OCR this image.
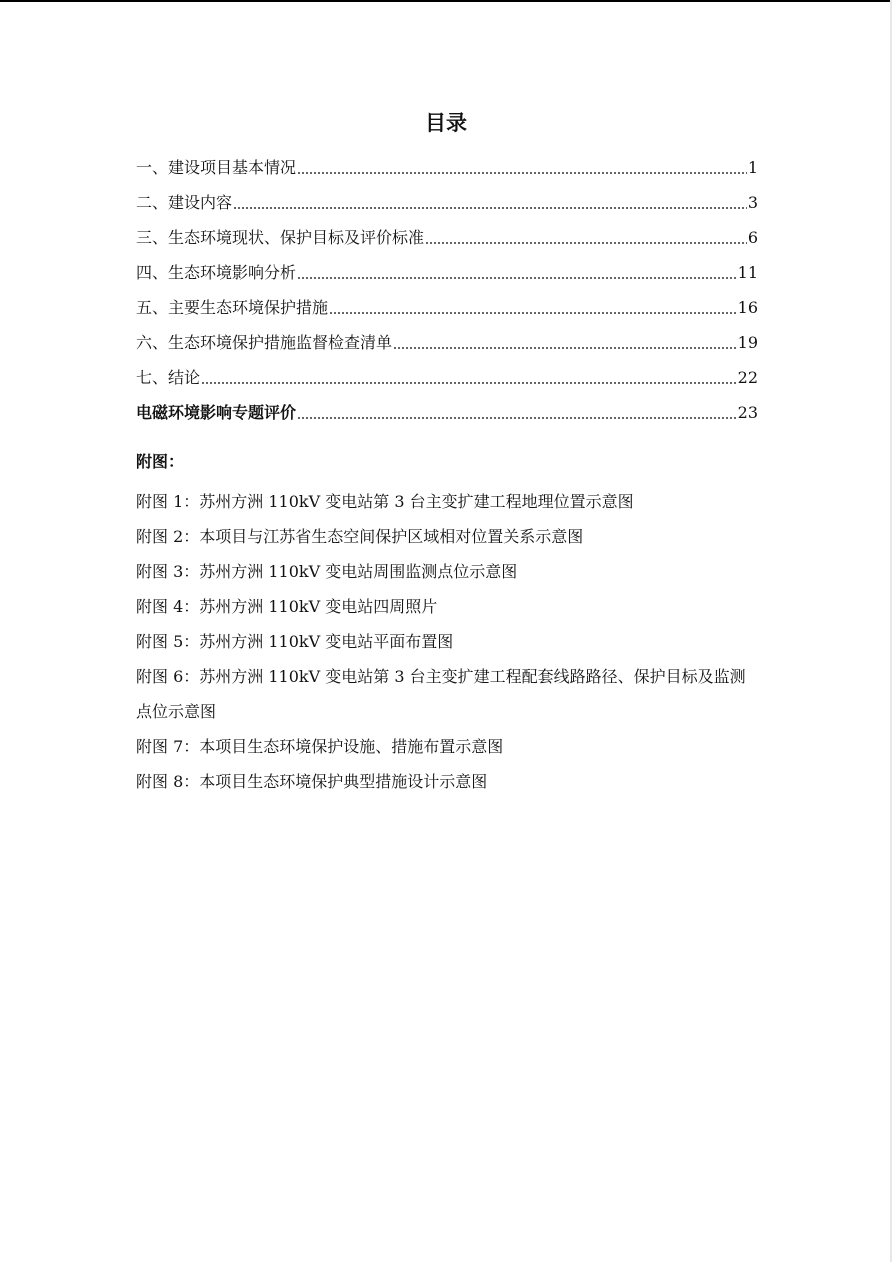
目录
一、建设项目基本情况	1
二、建设内容	3
三、生态环境现状、保护目标及评价标准	6
四、生态环境影响分析	11
五、主要生态环境保护措施	16
六、生态环境保护措施监督检查清单	19
七、结论	22
电磁环境影响专题评价	23
附图：
附图 1：苏州方洲 110kV 变电站第 3 台主变扩建工程地理位置示意图
附图 2：本项目与江苏省生态空间保护区域相对位置关系示意图
附图 3：苏州方洲 110kV 变电站周围监测点位示意图
附图 4：苏州方洲 110kV 变电站四周照片
附图 5：苏州方洲 110kV 变电站平面布置图
附图 6：苏州方洲 110kV 变电站第 3 台主变扩建工程配套线路路径、保护目标及监测点位示意图
附图 7：本项目生态环境保护设施、措施布置示意图
附图 8：本项目生态环境保护典型措施设计示意图
